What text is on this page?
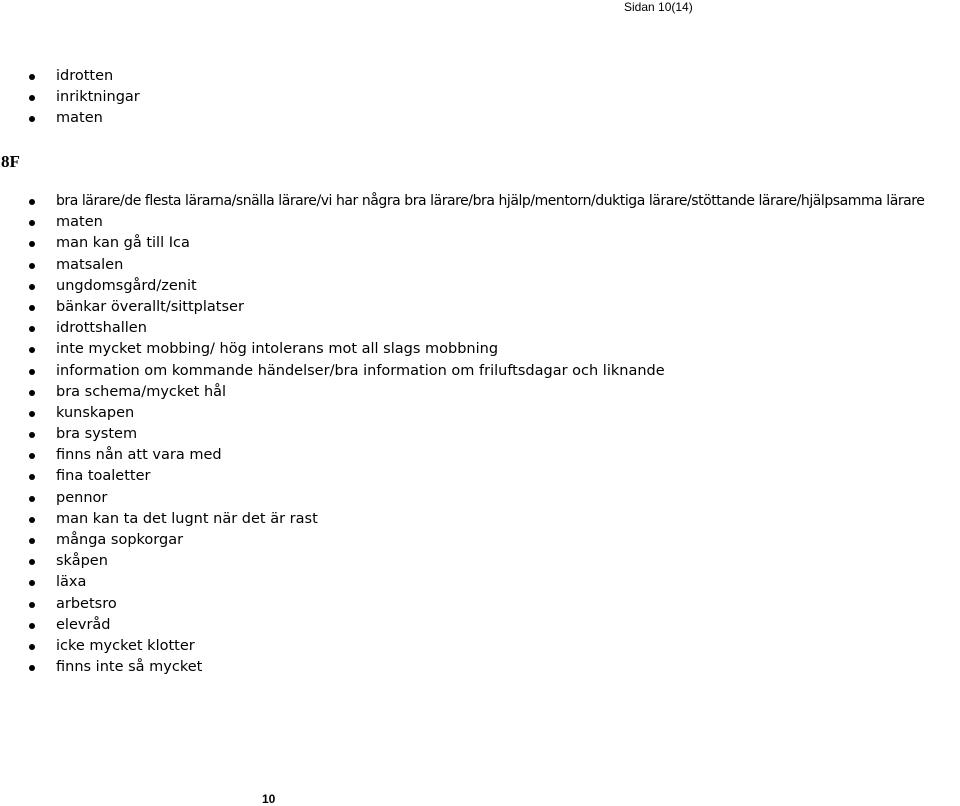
Sidan 10(14)
idrotten
inriktningar
maten
8F
bra lärare/de flesta lärarna/snälla lärare/vi har några bra lärare/bra hjälp/mentorn/duktiga lärare/stöttande lärare/hjälpsamma lärare
maten
man kan gå till Ica
matsalen
ungdomsgård/zenit
bänkar överallt/sittplatser
idrottshallen
inte mycket mobbing/ hög intolerans mot all slags mobbning
information om kommande händelser/bra information om friluftsdagar och liknande
bra schema/mycket hål
kunskapen
bra system
finns nån att vara med
fina toaletter
pennor
man kan ta det lugnt när det är rast
många sopkorgar
skåpen
läxa
arbetsro
elevråd
icke mycket klotter
finns inte så mycket
10
